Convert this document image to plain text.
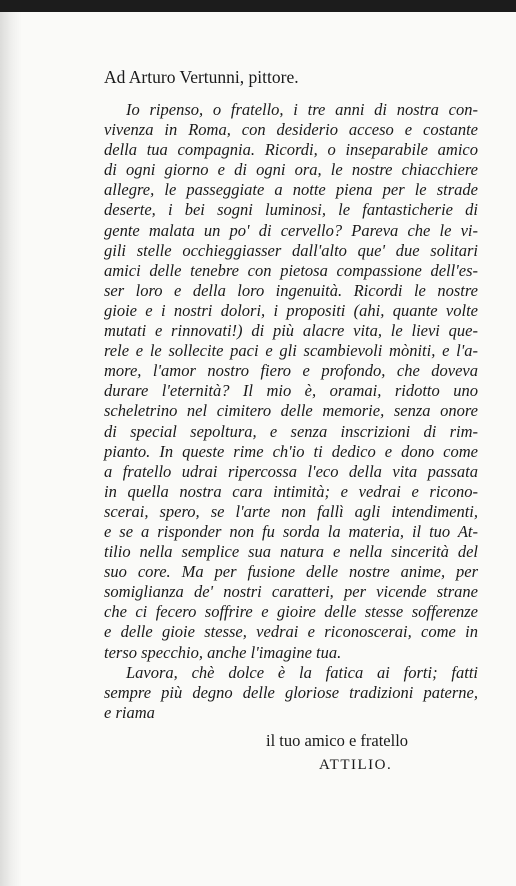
Ad Arturo Vertunni, pittore.
Io ripenso, o fratello, i tre anni di nostra con-
vivenza in Roma, con desiderio acceso e costante
della tua compagnia. Ricordi, o inseparabile amico
di ogni giorno e di ogni ora, le nostre chiacchiere
allegre, le passeggiate a notte piena per le strade
deserte, i bei sogni luminosi, le fantasticherie di
gente malata un po' di cervello? Pareva che le vi-
gili stelle occhieggiasser dall'alto que' due solitari
amici delle tenebre con pietosa compassione dell'es-
ser loro e della loro ingenuità. Ricordi le nostre
gioie e i nostri dolori, i propositi (ahi, quante volte
mutati e rinnovati!) di più alacre vita, le lievi que-
rele e le sollecite paci e gli scambievoli mòniti, e l'a-
more, l'amor nostro fiero e profondo, che doveva
durare l'eternità? Il mio è, oramai, ridotto uno
scheletrino nel cimitero delle memorie, senza onore
di special sepoltura, e senza inscrizioni di rim-
pianto. In queste rime ch'io ti dedico e dono come
a fratello udrai ripercossa l'eco della vita passata
in quella nostra cara intimità; e vedrai e ricono-
scerai, spero, se l'arte non fallì agli intendimenti,
e se a risponder non fu sorda la materia, il tuo At-
tilio nella semplice sua natura e nella sincerità del
suo core. Ma per fusione delle nostre anime, per
somiglianza de' nostri caratteri, per vicende strane
che ci fecero soffrire e gioire delle stesse sofferenze
e delle gioie stesse, vedrai e riconoscerai, come in
terso specchio, anche l'imagine tua.
Lavora, chè dolce è la fatica ai forti; fatti
sempre più degno delle gloriose tradizioni paterne,
e riama
il tuo amico e fratello
ATTILIO.
